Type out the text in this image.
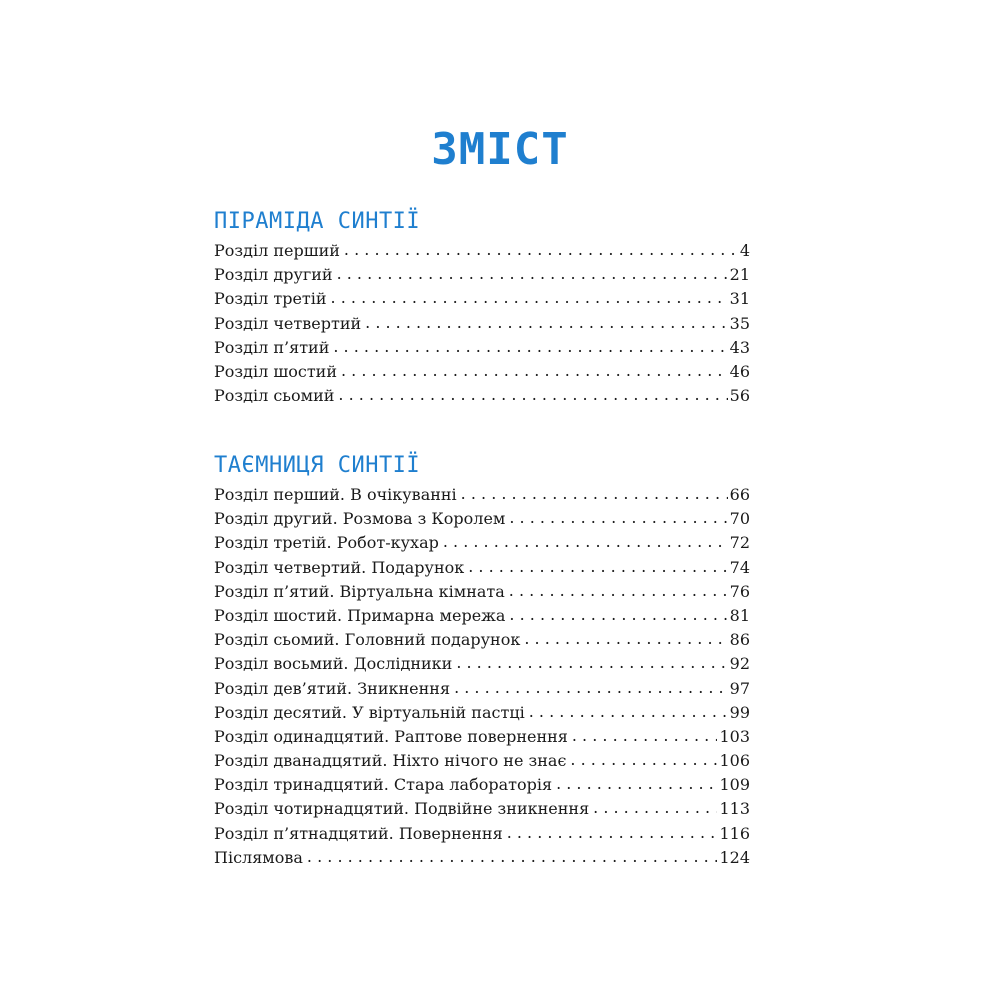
ЗМІСТ
ПІРАМІДА СИНТІЇ
Розділ перший . . .	4
Розділ другий . . .	21
Розділ третій . . .	31
Розділ четвертий . . .	35
Розділ п’ятий . . .	43
Розділ шостий . . .	46
Розділ сьомий . . .	56
ТАЄМНИЦЯ СИНТІЇ
Розділ перший. В очікуванні . . .	66
Розділ другий. Розмова з Королем . . .	70
Розділ третій. Робот-кухар . . .	72
Розділ четвертий. Подарунок . . .	74
Розділ п’ятий. Віртуальна кімната . . .	76
Розділ шостий. Примарна мережа . . .	81
Розділ сьомий. Головний подарунок . . .	86
Розділ восьмий. Дослідники . . .	92
Розділ дев’ятий. Зникнення . . .	97
Розділ десятий. У віртуальній пастці . . .	99
Розділ одинадцятий. Раптове повернення . . .	103
Розділ дванадцятий. Ніхто нічого не знає . . .	106
Розділ тринадцятий. Стара лабораторія . . .	109
Розділ чотирнадцятий. Подвійне зникнення . . .	113
Розділ п’ятнадцятий. Повернення . . .	116
Післямова . . .	124
